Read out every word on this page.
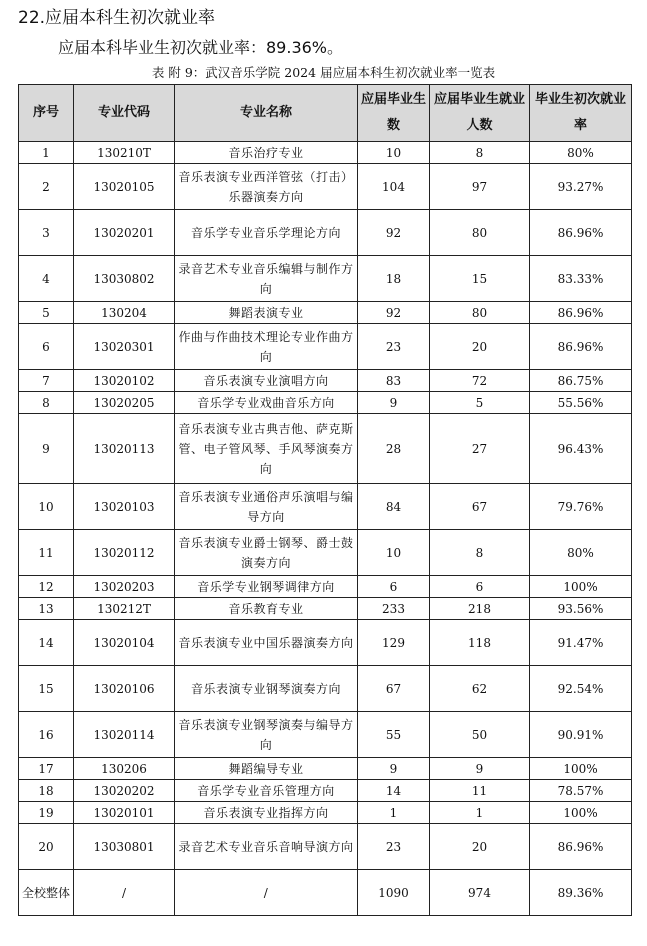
22.应届本科生初次就业率
应届本科毕业生初次就业率：89.36%。
表 附 9：武汉音乐学院 2024 届应届本科生初次就业率一览表
序号	专业代码	专业名称	应届毕业生数	应届毕业生就业人数	毕业生初次就业率
1	130210T	音乐治疗专业	10	8	80%
2	13020105	音乐表演专业西洋管弦（打击）乐器演奏方向	104	97	93.27%
3	13020201	音乐学专业音乐学理论方向	92	80	86.96%
4	13030802	录音艺术专业音乐编辑与制作方向	18	15	83.33%
5	130204	舞蹈表演专业	92	80	86.96%
6	13020301	作曲与作曲技术理论专业作曲方向	23	20	86.96%
7	13020102	音乐表演专业演唱方向	83	72	86.75%
8	13020205	音乐学专业戏曲音乐方向	9	5	55.56%
9	13020113	音乐表演专业古典吉他、萨克斯管、电子管风琴、手风琴演奏方向	28	27	96.43%
10	13020103	音乐表演专业通俗声乐演唱与编导方向	84	67	79.76%
11	13020112	音乐表演专业爵士钢琴、爵士鼓演奏方向	10	8	80%
12	13020203	音乐学专业钢琴调律方向	6	6	100%
13	130212T	音乐教育专业	233	218	93.56%
14	13020104	音乐表演专业中国乐器演奏方向	129	118	91.47%
15	13020106	音乐表演专业钢琴演奏方向	67	62	92.54%
16	13020114	音乐表演专业钢琴演奏与编导方向	55	50	90.91%
17	130206	舞蹈编导专业	9	9	100%
18	13020202	音乐学专业音乐管理方向	14	11	78.57%
19	13020101	音乐表演专业指挥方向	1	1	100%
20	13030801	录音艺术专业音乐音响导演方向	23	20	86.96%
全校整体	/	/	1090	974	89.36%
